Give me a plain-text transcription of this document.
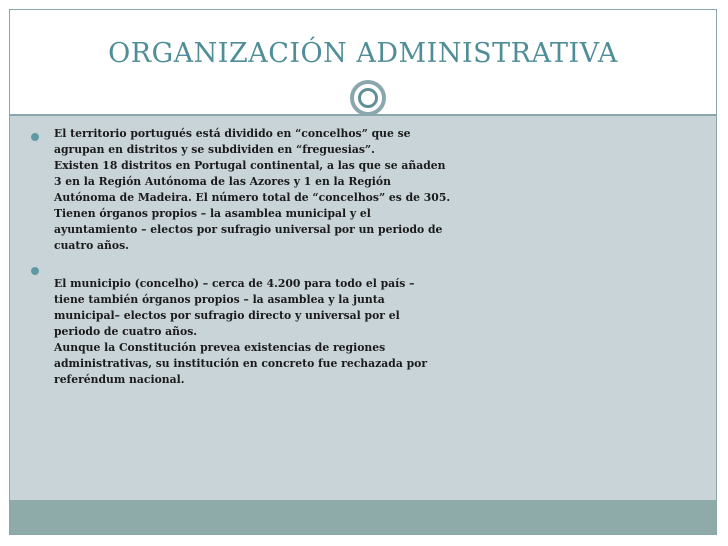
ORGANIZACIÓN ADMINISTRATIVA
El territorio portugués está dividido en “concelhos” que se
agrupan en distritos y se subdividen en “freguesias”.
Existen 18 distritos en Portugal continental, a las que se añaden
3 en la Región Autónoma de las Azores y 1 en la Región
Autónoma de Madeira. El número total de “concelhos” es de 305.
Tienen órganos propios – la asamblea municipal y el
ayuntamiento – electos por sufragio universal por un periodo de
cuatro años.
El municipio (concelho) – cerca de 4.200 para todo el país –
tiene también órganos propios – la asamblea y la junta
municipal– electos por sufragio directo y universal por el
periodo de cuatro años.
Aunque la Constitución prevea existencias de regiones
administrativas, su institución en concreto fue rechazada por
referéndum nacional.
